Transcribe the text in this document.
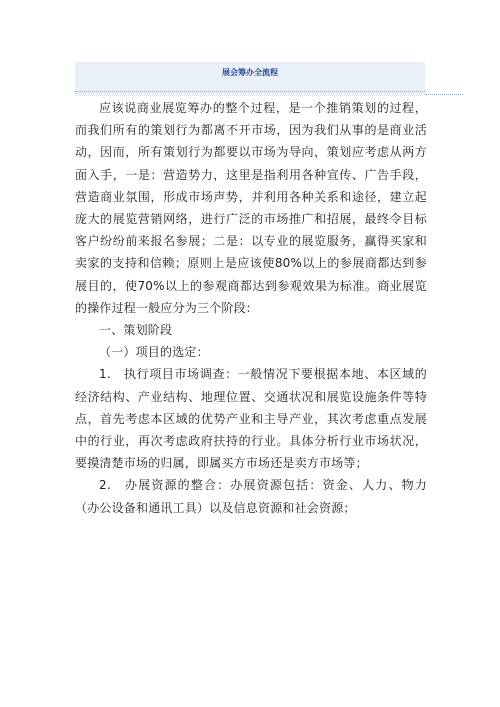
展会筹办全流程

应该说商业展览筹办的整个过程，是一个推销策划的过程，而我们所有的策划行为都离不开市场，因为我们从事的是商业活动，因而，所有策划行为都要以市场为导向，策划应考虑从两方面入手，一是：营造势力，这里是指利用各种宣传、广告手段，营造商业氛围，形成市场声势，并利用各种关系和途径，建立起庞大的展览营销网络，进行广泛的市场推广和招展，最终令目标客户纷纷前来报名参展；二是：以专业的展览服务，赢得买家和卖家的支持和信赖；原则上是应该使80%以上的参展商都达到参展目的，使70%以上的参观商都达到参观效果为标准。商业展览的操作过程一般应分为三个阶段：

一、策划阶段

（一）项目的选定：

1.　执行项目市场调查：一般情况下要根据本地、本区域的经济结构、产业结构、地理位置、交通状况和展览设施条件等特点，首先考虑本区域的优势产业和主导产业，其次考虑重点发展中的行业，再次考虑政府扶持的行业。具体分析行业市场状况，要摸清楚市场的归属，即属买方市场还是卖方市场等；

2.　办展资源的整合：办展资源包括：资金、人力、物力（办公设备和通讯工具）以及信息资源和社会资源；
